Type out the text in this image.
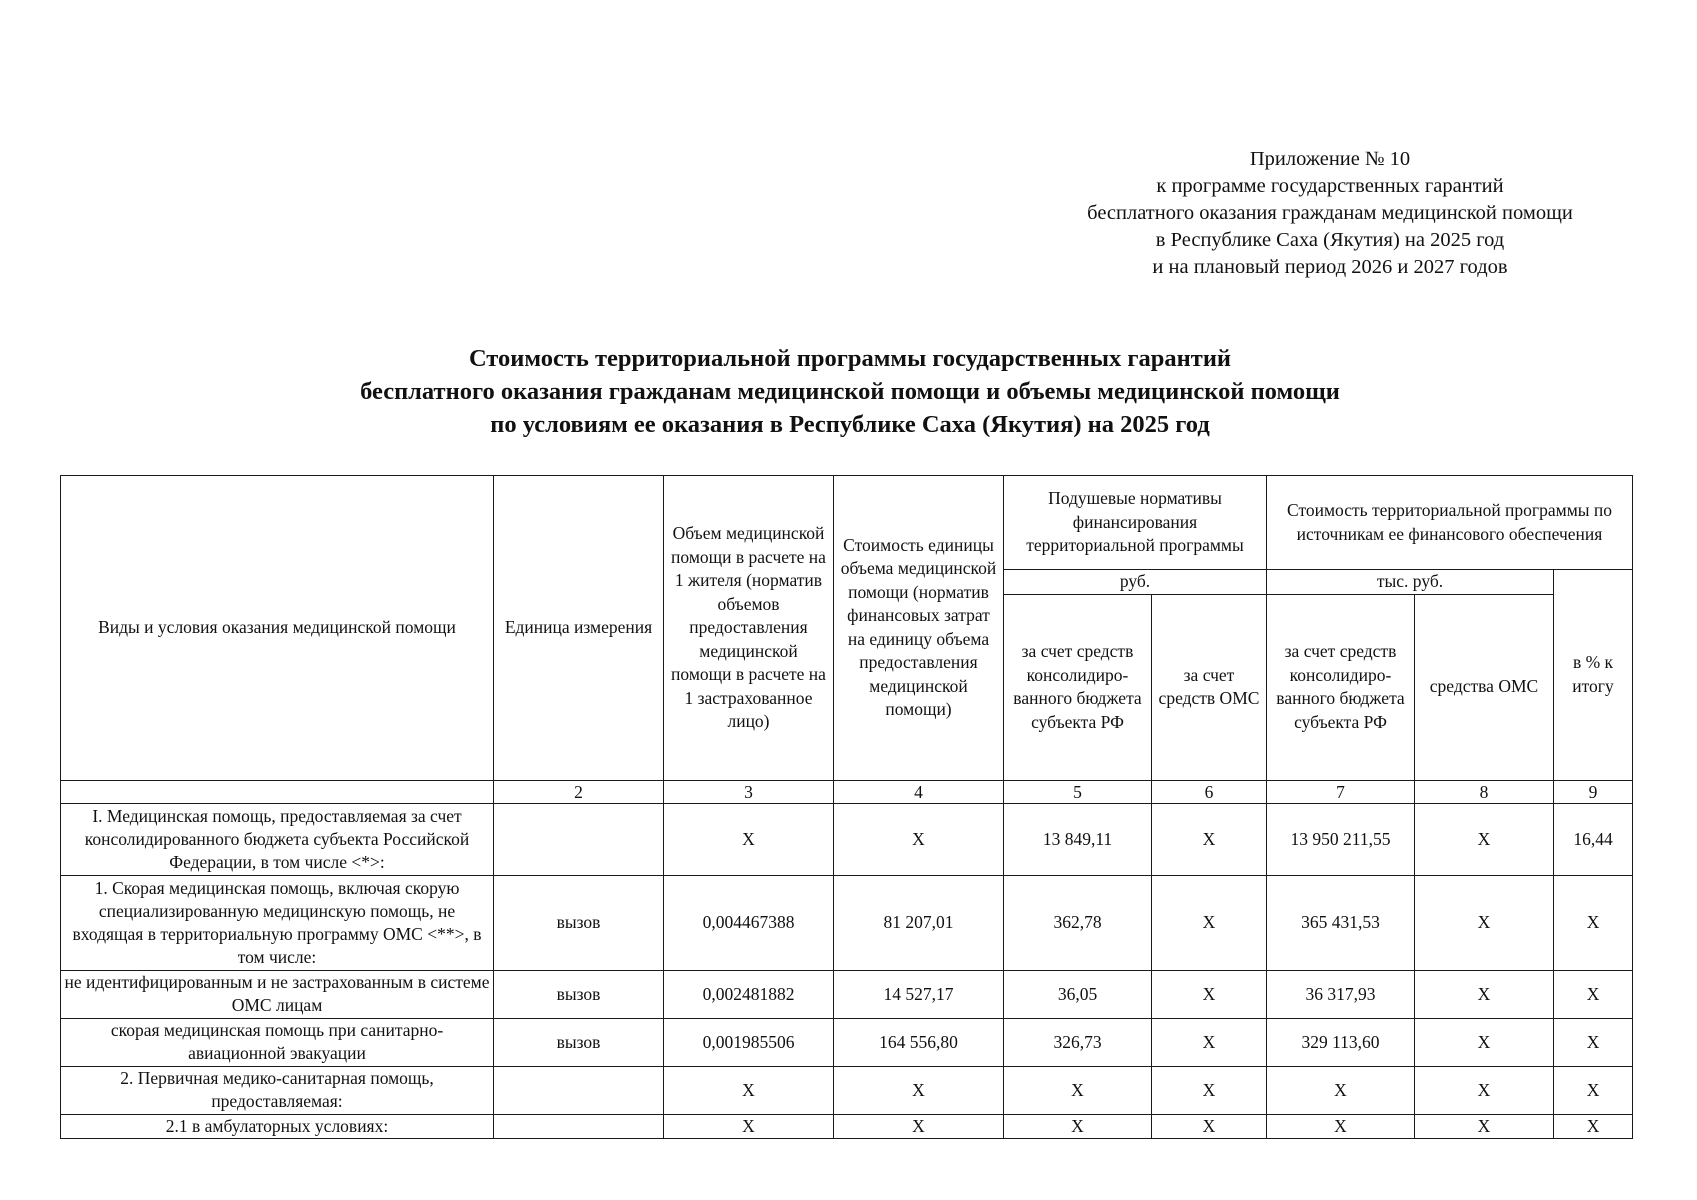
Приложение № 10
к программе государственных гарантий
бесплатного оказания гражданам медицинской помощи
в Республике Саха (Якутия) на 2025 год
и на плановый период 2026 и 2027 годов
Стоимость территориальной программы государственных гарантий
бесплатного оказания гражданам медицинской помощи и объемы медицинской помощи
по условиям ее оказания в Республике Саха (Якутия) на 2025 год
Виды и условия оказания медицинской помощи	Единица измерения	Объем медицинской помощи в расчете на 1 жителя (норматив объемов предоставления медицинской помощи в расчете на 1 застрахованное лицо)	Стоимость единицы объема медицинской помощи (норматив финансовых затрат на единицу объема предоставления медицинской помощи)	Подушевые нормативы финансирования территориальной программы		Стоимость территориальной программы по источникам ее финансового обеспечения		
				руб.		тыс. руб.		в % к итогу
				за счет средств консолидиро-ванного бюджета субъекта РФ	за счет средств ОМС	за счет средств консолидиро-ванного бюджета субъекта РФ	средства ОМС	
	2	3	4	5	6	7	8	9
I. Медицинская помощь, предоставляемая за счет консолидированного бюджета субъекта Российской Федерации, в том числе <*>:		X	X	13 849,11	X	13 950 211,55	X	16,44
1. Скорая медицинская помощь, включая скорую специализированную медицинскую помощь, не входящая в территориальную программу ОМС <**>, в том числе:	вызов	0,004467388	81 207,01	362,78	X	365 431,53	X	X
не идентифицированным и не застрахованным в системе ОМС лицам	вызов	0,002481882	14 527,17	36,05	X	36 317,93	X	X
скорая медицинская помощь при санитарно-авиационной эвакуации	вызов	0,001985506	164 556,80	326,73	X	329 113,60	X	X
2. Первичная медико-санитарная помощь, предоставляемая:		X	X	X	X	X	X	X
2.1 в амбулаторных условиях:		X	X	X	X	X	X	X
